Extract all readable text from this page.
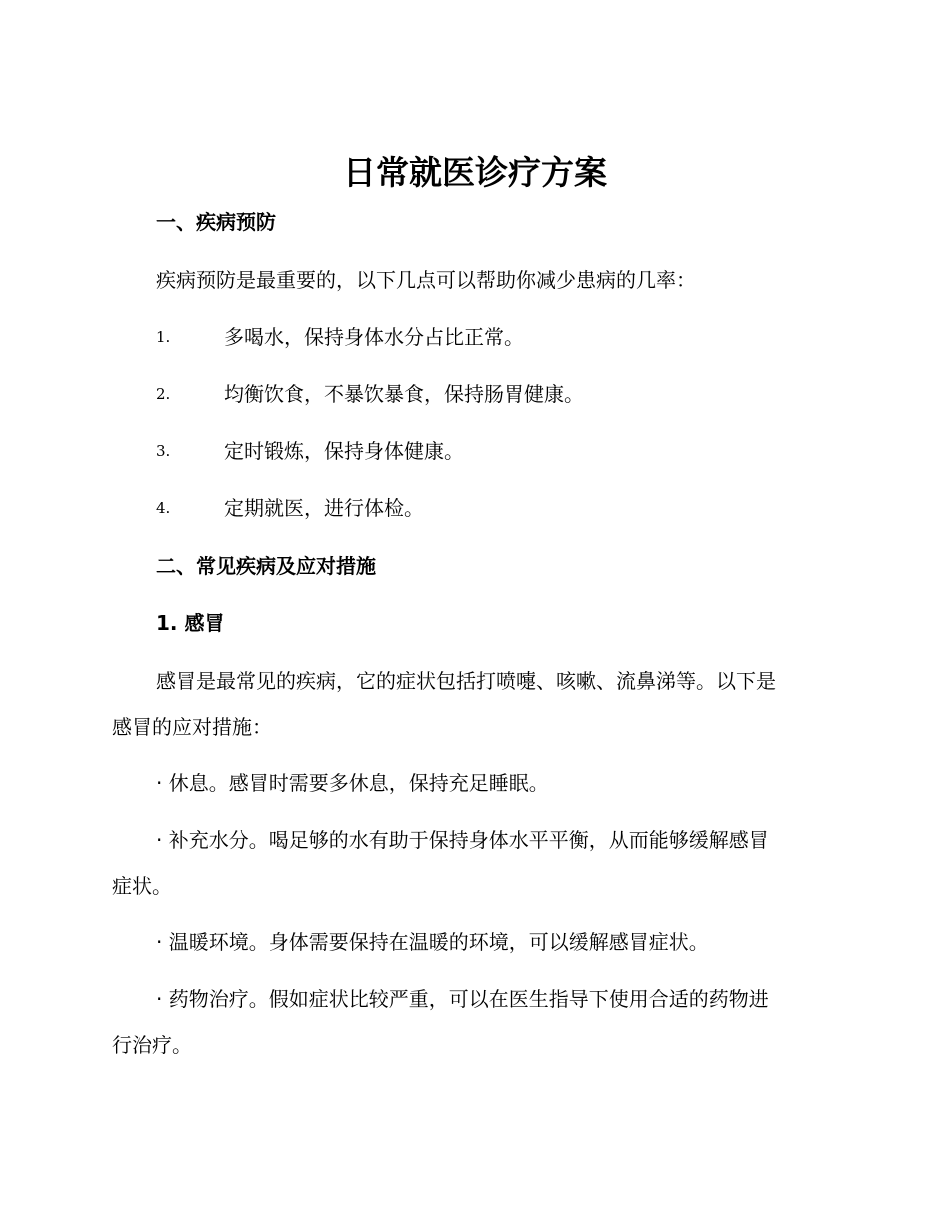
日常就医诊疗方案
一、疾病预防
疾病预防是最重要的，以下几点可以帮助你减少患病的几率：
1.	多喝水，保持身体水分占比正常。
2.	均衡饮食，不暴饮暴食，保持肠胃健康。
3.	定时锻炼，保持身体健康。
4.	定期就医，进行体检。
二、常见疾病及应对措施
1. 感冒
感冒是最常见的疾病，它的症状包括打喷嚏、咳嗽、流鼻涕等。以下是
感冒的应对措施：
· 休息。感冒时需要多休息，保持充足睡眠。
· 补充水分。喝足够的水有助于保持身体水平平衡，从而能够缓解感冒
症状。
· 温暖环境。身体需要保持在温暖的环境，可以缓解感冒症状。
· 药物治疗。假如症状比较严重，可以在医生指导下使用合适的药物进
行治疗。
